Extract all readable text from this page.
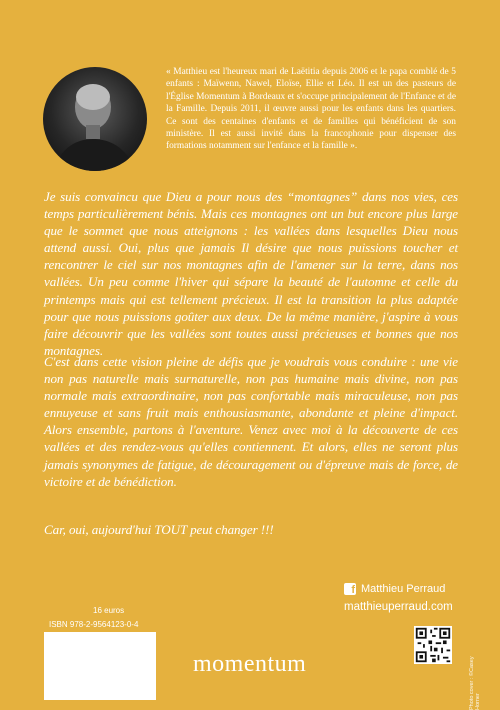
« Matthieu est l'heureux mari de Laëtitia depuis 2006 et le papa comblé de 5 enfants : Maïwenn, Nawel, Eloïse, Ellie et Léo. Il est un des pasteurs de l'Église Momentum à Bordeaux et s'occupe principalement de l'Enfance et de la Famille. Depuis 2011, il œuvre aussi pour les enfants dans les quartiers. Ce sont des centaines d'enfants et de familles qui bénéficient de son ministère. Il est aussi invité dans la francophonie pour dispenser des formations notamment sur l'enfance et la famille ».

Je suis convaincu que Dieu a pour nous des “montagnes” dans nos vies, ces temps particulièrement bénis. Mais ces montagnes ont un but encore plus large que le sommet que nous atteignons : les vallées dans lesquelles Dieu nous attend aussi. Oui, plus que jamais Il désire que nous puissions toucher et rencontrer le ciel sur nos montagnes afin de l'amener sur la terre, dans nos vallées. Un peu comme l'hiver qui sépare la beauté de l'automne et celle du printemps mais qui est tellement précieux. Il est la transition la plus adaptée pour que nous puissions goûter aux deux. De la même manière, j'aspire à vous faire découvrir que les vallées sont toutes aussi précieuses et bonnes que nos montagnes.

C'est dans cette vision pleine de défis que je voudrais vous conduire : une vie non pas naturelle mais surnaturelle, non pas humaine mais divine, non pas normale mais extraordinaire, non pas confortable mais miraculeuse, non pas ennuyeuse et sans fruit mais enthousiasmante, abondante et pleine d'impact. Alors ensemble, partons à l'aventure. Venez avec moi à la découverte de ces vallées et des rendez-vous qu'elles contiennent. Et alors, elles ne seront plus jamais synonymes de fatigue, de découragement ou d'épreuve mais de force, de victoire et de bénédiction.

Car, oui, aujourd'hui TOUT peut changer !!!

16 euros
ISBN 978-2-9564123-0-4
momentum
f Matthieu Perraud
matthieuperraud.com
Photo cover : ©Casey Horner
